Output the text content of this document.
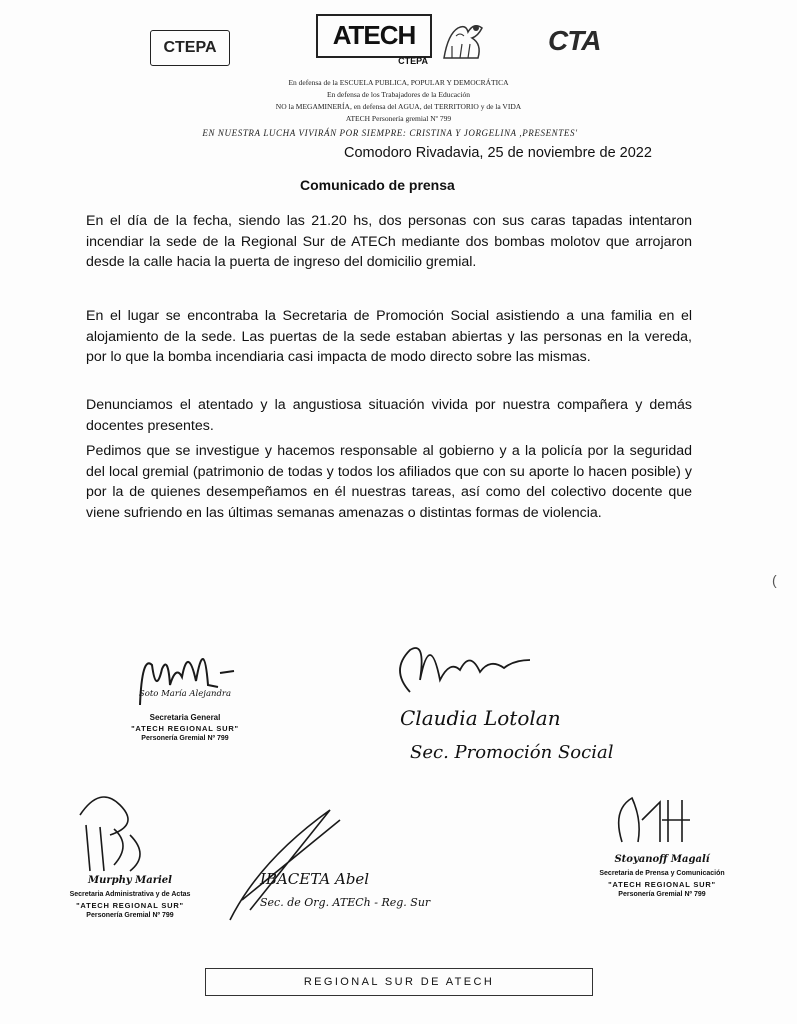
CTEPA	ATECH
CTEPA
CTA
En defensa de la ESCUELA PUBLICA, POPULAR Y DEMOCRÁTICA
En defensa de los Trabajadores de la Educación
NO la MEGAMINERÍA, en defensa del AGUA, del TERRITORIO y de la VIDA
ATECH Personería gremial Nº 799
EN NUESTRA LUCHA VIVIRÁN POR SIEMPRE: CRISTINA Y JORGELINA ,PRESENTES'
Comodoro Rivadavia, 25 de noviembre de 2022
Comunicado de prensa
En el día de la fecha, siendo las 21.20 hs, dos personas con sus caras tapadas intentaron incendiar la sede de la Regional Sur de ATECh mediante dos bombas molotov que arrojaron desde la calle hacia la puerta de ingreso del domicilio gremial.
En el lugar se encontraba la Secretaria de Promoción Social asistiendo a una familia en el alojamiento de la sede. Las puertas de la sede estaban abiertas y las personas en la vereda, por lo que la bomba incendiaria casi impacta de modo directo sobre las mismas.
Denunciamos el atentado y la angustiosa situación vivida por nuestra compañera y demás docentes presentes.
Pedimos que se investigue y hacemos responsable al gobierno y a la policía por la seguridad del local gremial (patrimonio de todas y todos los afiliados que con su aporte lo hacen posible) y por la de quienes desempeñamos en él nuestras tareas, así como del colectivo docente que viene sufriendo en las últimas semanas amenazas o distintas formas de violencia.
(
Soto María Alejandra
Secretaria General
"ATECH REGIONAL SUR"
Personería Gremial Nº 799
Claudia Lotolan
Sec. Promoción Social
Murphy Mariel
Secretaria Administrativa y de Actas
"ATECH REGIONAL SUR"
Personería Gremial Nº 799
IBACETA Abel
Sec. de Org. ATECh - Reg. Sur
Stoyanoff Magalí
Secretaria de Prensa y Comunicación
"ATECH REGIONAL SUR"
Personería Gremial Nº 799
REGIONAL SUR DE ATECH
